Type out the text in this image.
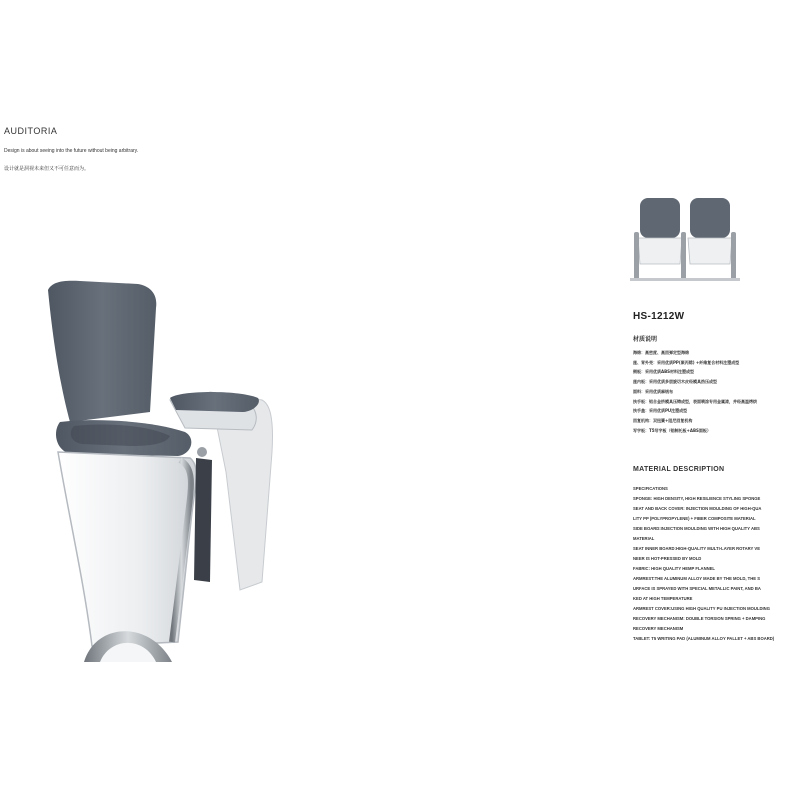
AUDITORIA
Design is about seeing into the future without being arbitrary.
设计就是洞视未来但又不可任意而为。
HS-1212W
材质说明
海绵：高密度、高回弹定型海绵
座、背外壳：采用优质PP(聚丙烯) +纤维复合材料注塑成型
侧板：采用优质ABS材料注塑成型
座内板：采用优质多层旋切木皮经模具热压成型
面料：采用优质麻绒布
扶手板：铝合金挤模具压铸成型，表面喷涂专用金属漆，并经高温烤烘
扶手盖：采用优质PU注塑成型
回复机构：双扭簧+阻尼回复机构
写字板：T5写字板（铝制托板+ABS面板）
MATERIAL DESCRIPTION
SPECIFICATIONS
SPONGE: HIGH DENSITY, HIGH RESILIENCE STYLING SPONGE
SEAT AND BACK COVER: INJECTION MOULDING OF HIGH-QUA
LITY PP (POLYPROPYLENE) + FIBER COMPOSITE MATERIAL
SIDE BOARD:INJECTION MOULDING WITH HIGH QUALITY ABS
MATERIAL
SEAT INNER BOARD:HIGH-QUALITY MULTI-LAYER ROTARY VE
NEER IS HOT-PRESSED BY MOLD
FABRIC: HIGH QUALITY HEMP FLANNEL
ARMREST:THE ALUMINUM ALLOY MADE BY THE MOLD, THE S
URFACE IS SPRAYED WITH SPECIAL METALLIC PAINT, AND BA
KED AT HIGH TEMPERATURE
ARMREST COVER:USING HIGH QUALITY PU INJECTION MOULDING
RECOVERY MECHANISM: DOUBLE TORSION SPRING + DAMPING
RECOVERY MECHANISM
TABLET: T5 WRITING PAD (ALUMINUM ALLOY PALLET + ABS BOARD)
